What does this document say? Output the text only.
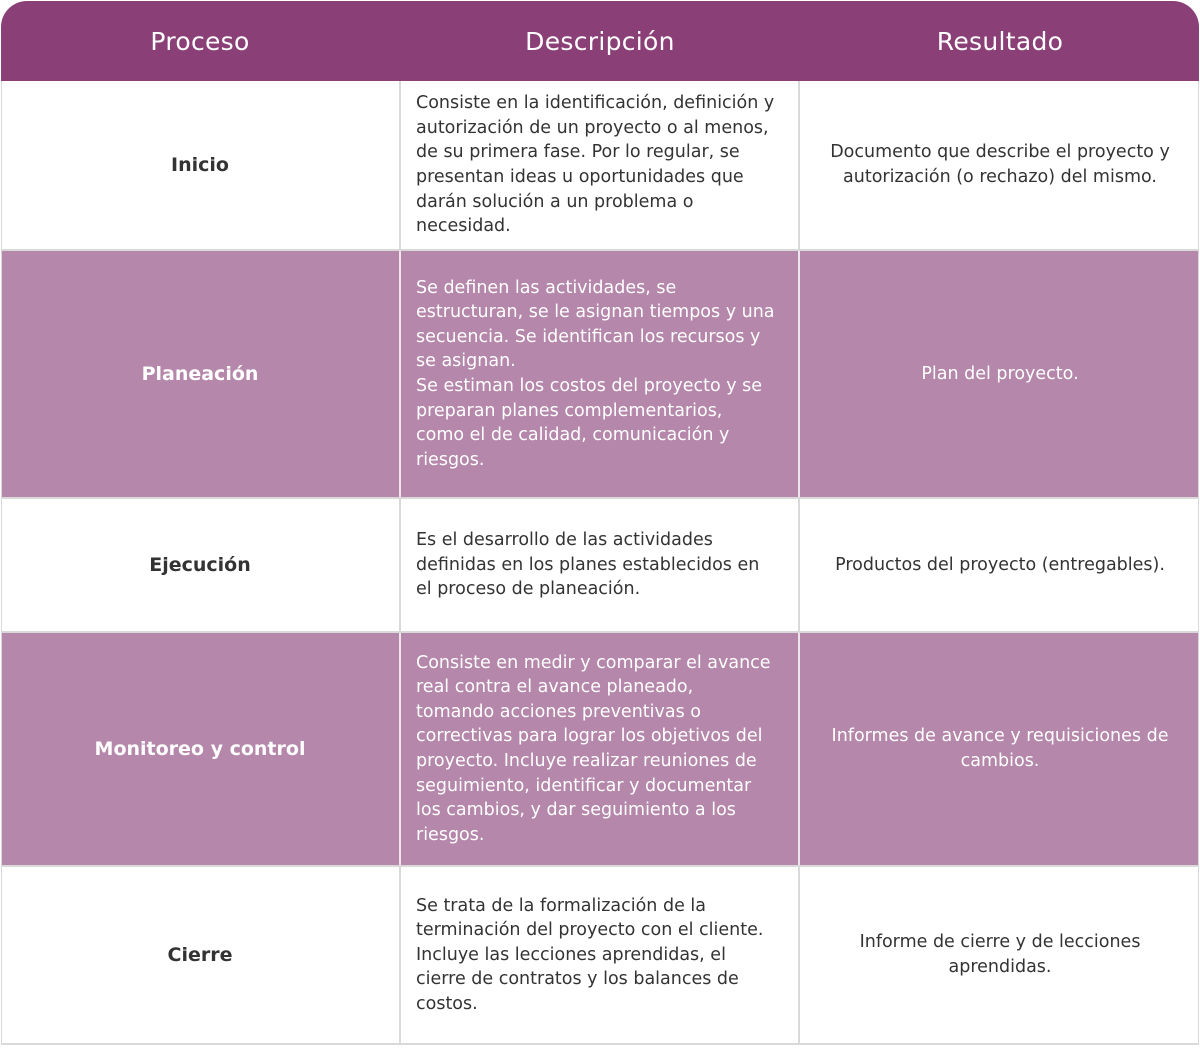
Proceso	Descripción	Resultado
Inicio
Consiste en la identificación, definición y
autorización de un proyecto o al menos,
de su primera fase. Por lo regular, se
presentan ideas u oportunidades que
darán solución a un problema o
necesidad.
Documento que describe el proyecto y
autorización (o rechazo) del mismo.
Planeación
Se definen las actividades, se
estructuran, se le asignan tiempos y una
secuencia. Se identifican los recursos y
se asignan.
Se estiman los costos del proyecto y se
preparan planes complementarios,
como el de calidad, comunicación y
riesgos.
Plan del proyecto.
Ejecución
Es el desarrollo de las actividades
definidas en los planes establecidos en
el proceso de planeación.
Productos del proyecto (entregables).
Monitoreo y control
Consiste en medir y comparar el avance
real contra el avance planeado,
tomando acciones preventivas o
correctivas para lograr los objetivos del
proyecto. Incluye realizar reuniones de
seguimiento, identificar y documentar
los cambios, y dar seguimiento a los
riesgos.
Informes de avance y requisiciones de
cambios.
Cierre
Se trata de la formalización de la
terminación del proyecto con el cliente.
Incluye las lecciones aprendidas, el
cierre de contratos y los balances de
costos.
Informe de cierre y de lecciones
aprendidas.
